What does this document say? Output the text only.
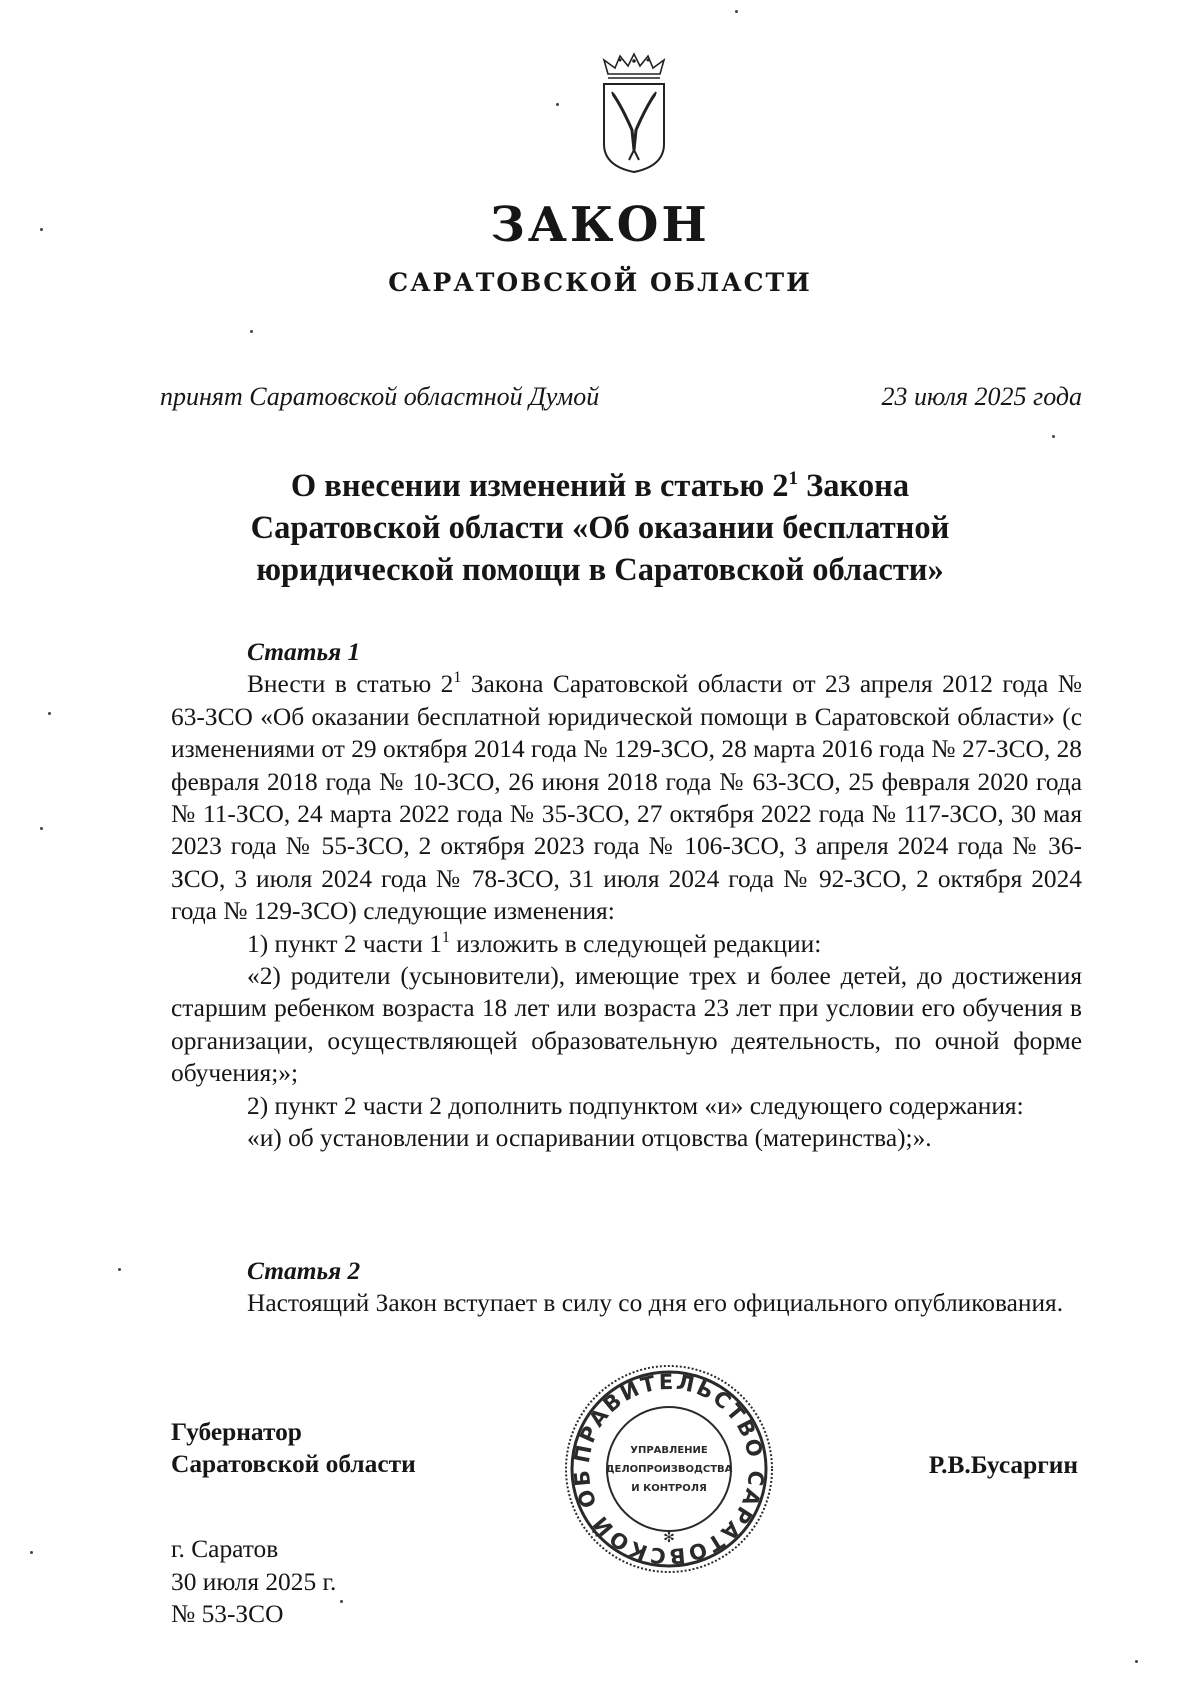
ЗАКОН
САРАТОВСКОЙ ОБЛАСТИ
принят Саратовской областной Думой	23 июля 2025 года
О внесении изменений в статью $2^1$ Закона
Саратовской области «Об оказании бесплатной
юридической помощи в Саратовской области»

Статья 1

Внести в статью $2^1$ Закона Саратовской области от 23 апреля 2012 года № 63-ЗСО «Об оказании бесплатной юридической помощи в Саратовской области» (с изменениями от 29 октября 2014 года № 129-ЗСО, 28 марта 2016 года № 27-ЗСО, 28 февраля 2018 года № 10-ЗСО, 26 июня 2018 года № 63-ЗСО, 25 февраля 2020 года № 11-ЗСО, 24 марта 2022 года № 35-ЗСО, 27 октября 2022 года № 117-ЗСО, 30 мая 2023 года № 55-ЗСО, 2 октября 2023 года № 106-ЗСО, 3 апреля 2024 года № 36-ЗСО, 3 июля 2024 года № 78-ЗСО, 31 июля 2024 года № 92-ЗСО, 2 октября 2024 года № 129-ЗСО) следующие изменения:

1) пункт 2 части $1^1$ изложить в следующей редакции:

«2) родители (усыновители), имеющие трех и более детей, до достижения старшим ребенком возраста 18 лет или возраста 23 лет при условии его обучения в организации, осуществляющей образовательную деятельность, по очной форме обучения;»;

2) пункт 2 части 2 дополнить подпунктом «и» следующего содержания:

«и) об установлении и оспаривании отцовства (материнства);».

Статья 2

Настоящий Закон вступает в силу со дня его официального опубликования.

Губернатор
Саратовской области	Р.В.Бусаргин
ПРАВИТЕЛЬСТВО САРАТОВСКОЙ ОБ
✻
УПРАВЛЕНИЕ
ДЕЛОПРОИЗВОДСТВА
И КОНТРОЛЯ
г. Саратов
30 июля 2025 г.
№ 53-ЗСО
